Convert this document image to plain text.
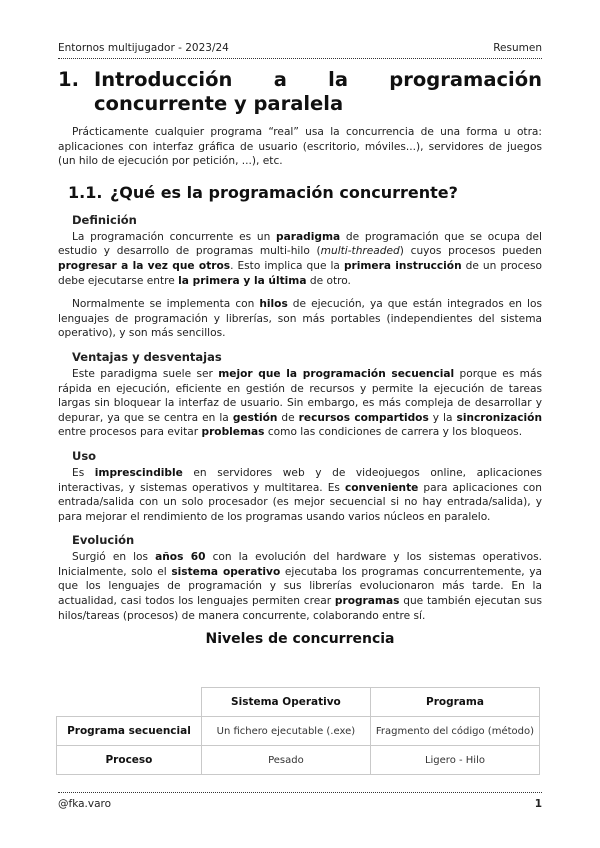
Entornos multijugador - 2023/24	Resumen
1. Introducción a la programación concurrente y paralela

Prácticamente cualquier programa “real” usa la concurrencia de una forma u otra: aplicaciones con interfaz gráfica de usuario (escritorio, móviles...), servidores de juegos (un hilo de ejecución por petición, ...), etc.

1.1. ¿Qué es la programación concurrente?
Definición

La programación concurrente es un paradigma de programación que se ocupa del estudio y desarrollo de programas multi-hilo (multi-threaded) cuyos procesos pueden progresar a la vez que otros. Esto implica que la primera instrucción de un proceso debe ejecutarse entre la primera y la última de otro.

Normalmente se implementa con hilos de ejecución, ya que están integrados en los lenguajes de programación y librerías, son más portables (independientes del sistema operativo), y son más sencillos.

Ventajas y desventajas

Este paradigma suele ser mejor que la programación secuencial porque es más rápida en ejecución, eficiente en gestión de recursos y permite la ejecución de tareas largas sin bloquear la interfaz de usuario. Sin embargo, es más compleja de desarrollar y depurar, ya que se centra en la gestión de recursos compartidos y la sincronización entre procesos para evitar problemas como las condiciones de carrera y los bloqueos.

Uso

Es imprescindible en servidores web y de videojuegos online, aplicaciones interactivas, y sistemas operativos y multitarea. Es conveniente para aplicaciones con entrada/salida con un solo procesador (es mejor secuencial si no hay entrada/salida), y para mejorar el rendimiento de los programas usando varios núcleos en paralelo.

Evolución

Surgió en los años 60 con la evolución del hardware y los sistemas operativos. Inicialmente, solo el sistema operativo ejecutaba los programas concurrentemente, ya que los lenguajes de programación y sus librerías evolucionaron más tarde. En la actualidad, casi todos los lenguajes permiten crear programas que también ejecutan sus hilos/tareas (procesos) de manera concurrente, colaborando entre sí.

Niveles de concurrencia
	Sistema Operativo	Programa
Programa secuencial	Un fichero ejecutable (.exe)	Fragmento del código (método)
Proceso	Pesado	Ligero - Hilo
@fka.varo	1
